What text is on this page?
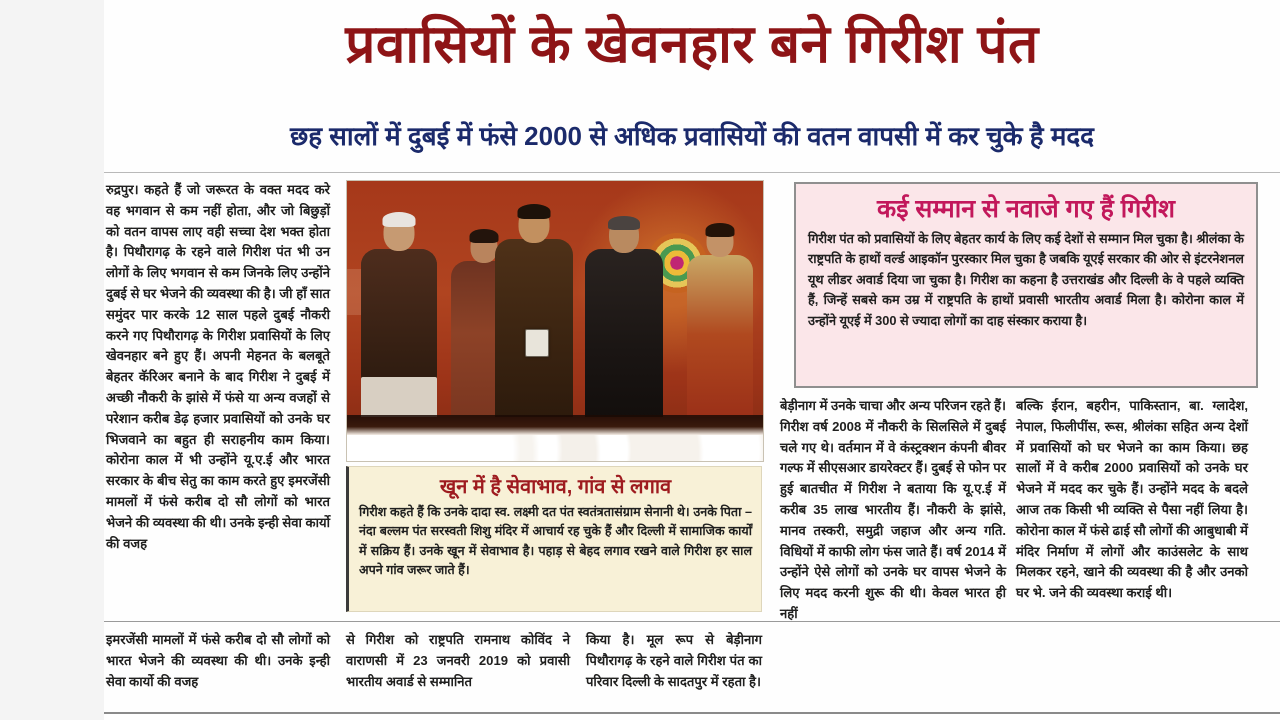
प्रवासियों के खेवनहार बने गिरीश पंत
छह सालों में दुबई में फंसे 2000 से अधिक प्रवासियों की वतन वापसी में कर चुके है मदद
रुद्रपुर। कहते हैं जो जरूरत के वक्त मदद करे वह भगवान से कम नहीं होता, और जो बिछुड़ों को वतन वापस लाए वही सच्चा देश भक्त होता है। पिथौरागढ़ के रहने वाले गिरीश पंत भी उन लोगों के लिए भगवान से कम जिनके लिए उन्होंने दुबई से घर भेजने की व्यवस्था की है। जी हाँ सात समुंदर पार करके 12 साल पहले दुबई नौकरी करने गए पिथौरागढ़ के गिरीश प्रवासियों के लिए खेवनहार बने हुए हैं। अपनी मेहनत के बलबूते बेहतर कॅरिअर बनाने के बाद गिरीश ने दुबई में अच्छी नौकरी के झांसे में फंसे या अन्य वजहों से परेशान करीब डेढ़ हजार प्रवासियों को उनके घर भिजवाने का बहुत ही सराहनीय काम किया। कोरोना काल में भी उन्होंने यू.ए.ई और भारत सरकार के बीच सेतु का काम करते हुए इमरजेंसी मामलों में फंसे करीब दो सौ लोगों को भारत भेजने की व्यवस्था की थी। उनके इन्ही सेवा कार्यो की वजह
खून में है सेवाभाव, गांव से लगाव
गिरीश कहते हैं कि उनके दादा स्व. लक्ष्मी दत पंत स्वतंत्रतासंग्राम सेनानी थे। उनके पिता –नंदा बल्लम पंत सरस्वती शिशु मंदिर में आचार्य रह चुके हैं और दिल्ली में सामाजिक कार्यों में सक्रिय हैं। उनके खून में सेवाभाव है। पहाड़ से बेहद लगाव रखने वाले गिरीश हर साल अपने गांव जरूर जाते हैं।
कई सम्मान से नवाजे गए हैं गिरीश
गिरीश पंत को प्रवासियों के लिए बेहतर कार्य के लिए कई देशों से सम्मान मिल चुका है। श्रीलंका के राष्ट्रपति के हाथों वर्ल्ड आइकॉन पुरस्कार मिल चुका है जबकि यूएई सरकार की ओर से इंटरनेशनल यूथ लीडर अवार्ड दिया जा चुका है। गिरीश का कहना है उत्तराखंड और दिल्ली के वे पहले व्यक्ति हैं, जिन्हें सबसे कम उम्र में राष्ट्रपति के हाथों प्रवासी भारतीय अवार्ड मिला है। कोरोना काल में उन्होंने यूएई में 300 से ज्यादा लोगों का दाह संस्कार कराया है।
बेड़ीनाग में उनके चाचा और अन्य परिजन रहते हैं। गिरीश वर्ष 2008 में नौकरी के सिलसिले में दुबई चले गए थे। वर्तमान में वे कंस्ट्रक्शन कंपनी बीवर गल्फ में सीएसआर डायरेक्टर हैं। दुबई से फोन पर हुई बातचीत में गिरीश ने बताया कि यू.ए.ई में करीब 35 लाख भारतीय हैं। नौकरी के झांसे, मानव तस्करी, समुद्री जहाज और अन्य गति. विधियों में काफी लोग फंस जाते हैं। वर्ष 2014 में उन्होंने ऐसे लोगों को उनके घर वापस भेजने के लिए मदद करनी शुरू की थी। केवल भारत ही नहीं
बल्कि ईरान, बहरीन, पाकिस्तान, बा. ग्लादेश, नेपाल, फिलीपींस, रूस, श्रीलंका सहित अन्य देशों में प्रवासियों को घर भेजने का काम किया। छह सालों में वे करीब 2000 प्रवासियों को उनके घर भेजने में मदद कर चुके हैं। उन्होंने मदद के बदले आज तक किसी भी व्यक्ति से पैसा नहीं लिया है। कोरोना काल में फंसे ढाई सौ लोगों की आबुधाबी में मंदिर निर्माण में लोगों और काउंसलेट के साथ मिलकर रहने, खाने की व्यवस्था की है और उनको घर भे. जने की व्यवस्था कराई थी।
इमरजेंसी मामलों में फंसे करीब दो सौ लोगों को भारत भेजने की व्यवस्था की थी। उनके इन्ही सेवा कार्यो की वजह
से गिरीश को राष्ट्रपति रामनाथ कोविंद ने वाराणसी में 23 जनवरी 2019 को प्रवासी भारतीय अवार्ड से सम्मानित
किया है। मूल रूप से बेड़ीनाग पिथौरागढ़ के रहने वाले गिरीश पंत का परिवार दिल्ली के सादतपुर में रहता है।
